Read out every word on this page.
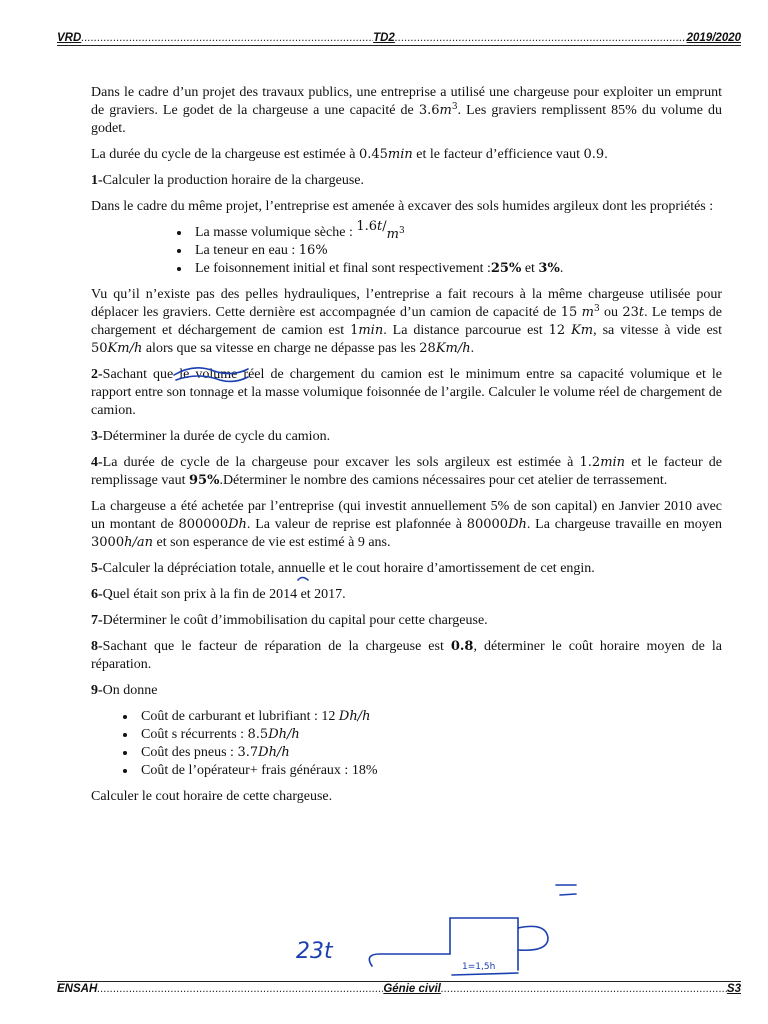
VRD .....	TD2 .....	2019/2020

Dans le cadre d’un projet des travaux publics, une entreprise a utilisé une chargeuse pour exploiter un emprunt de graviers. Le godet de la chargeuse a une capacité de $3.6m^3$. Les graviers remplissent 85% du volume du godet.

La durée du cycle de la chargeuse est estimée à 0.45min et le facteur d’efficience vaut 0.9.

1-Calculer la production horaire de la chargeuse.

Dans le cadre du même projet, l’entreprise est amenée à excaver des sols humides argileux dont les propriétés :

• La masse volumique sèche : $1.6t/m^3$
• La teneur en eau : 16%
• Le foisonnement initial et final sont respectivement :25% et 3%.

Vu qu’il n’existe pas des pelles hydrauliques, l’entreprise a fait recours à la même chargeuse utilisée pour déplacer les graviers. Cette dernière est accompagnée d’un camion de capacité de 15 $m^3$ ou 23t. Le temps de chargement et déchargement de camion est 1min. La distance parcourue est 12 Km, sa vitesse à vide est 50Km/h alors que sa vitesse en charge ne dépasse pas les 28Km/h.

2-Sachant que le volume réel de chargement du camion est le minimum entre sa capacité volumique et le rapport entre son tonnage et la masse volumique foisonnée de l’argile. Calculer le volume réel de chargement de camion.

3-Déterminer la durée de cycle du camion.

4-La durée de cycle de la chargeuse pour excaver les sols argileux est estimée à 1.2min et le facteur de remplissage vaut 95%.Déterminer le nombre des camions nécessaires pour cet atelier de terrassement.

La chargeuse a été achetée par l’entreprise (qui investit annuellement 5% de son capital) en Janvier 2010 avec un montant de 800000Dh. La valeur de reprise est plafonnée à 80000Dh. La chargeuse travaille en moyen 3000h/an et son esperance de vie est estimé à 9 ans.

5-Calculer la dépréciation totale, annuelle et le cout horaire d’amortissement de cet engin.

6-Quel était son prix à la fin de 2014 et 2017.

7-Déterminer le coût d’immobilisation du capital pour cette chargeuse.

8-Sachant que le facteur de réparation de la chargeuse est 0.8, déterminer le coût horaire moyen de la réparation.

9-On donne

• Coût de carburant et lubrifiant : 12 Dh/h
• Coût s récurrents : 8.5Dh/h
• Coût des pneus : 3.7Dh/h
• Coût de l’opérateur+ frais généraux : 18%

Calculer le cout horaire de cette chargeuse.

23t
1=1,5h
ENSAH .....	Génie civil .....	S3
